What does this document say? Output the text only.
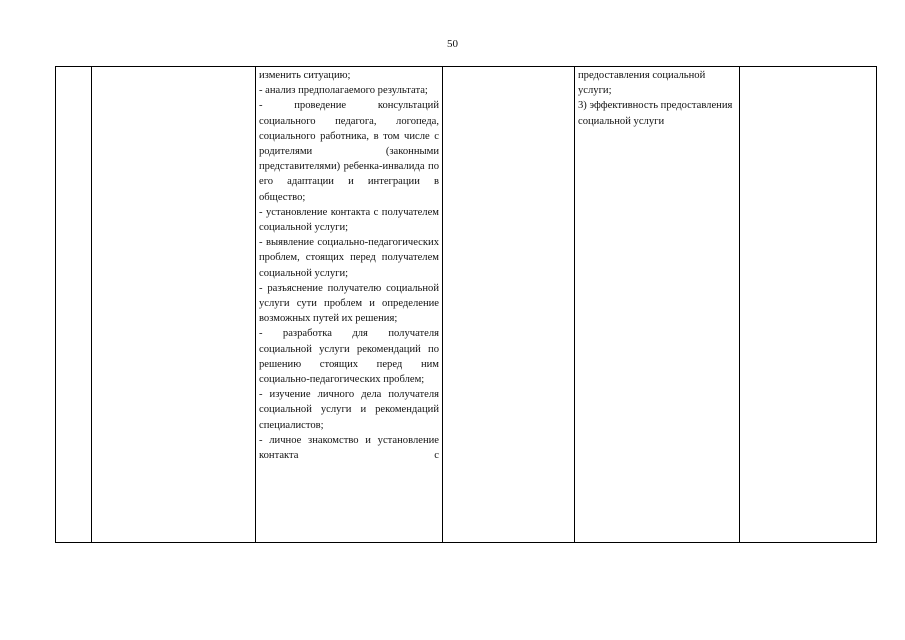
50

изменить ситуацию;
- анализ предполагаемого результата;
- проведение консультаций социального педагога, логопеда, социального работника, в том числе с родителями (законными представителями) ребенка-инвалида по его адаптации и интеграции в общество;
- установление контакта с получателем социальной услуги;
- выявление социально-педагогических проблем, стоящих перед получателем социальной услуги;
- разъяснение получателю социальной услуги сути проблем и определение возможных путей их решения;
- разработка для получателя социальной услуги рекомендаций по решению стоящих перед ним социально-педагогических проблем;
- изучение личного дела получателя социальной услуги и рекомендаций специалистов;
- личное знакомство и установление контакта с

предоставления социальной услуги;
3) эффективность предоставления социальной услуги
